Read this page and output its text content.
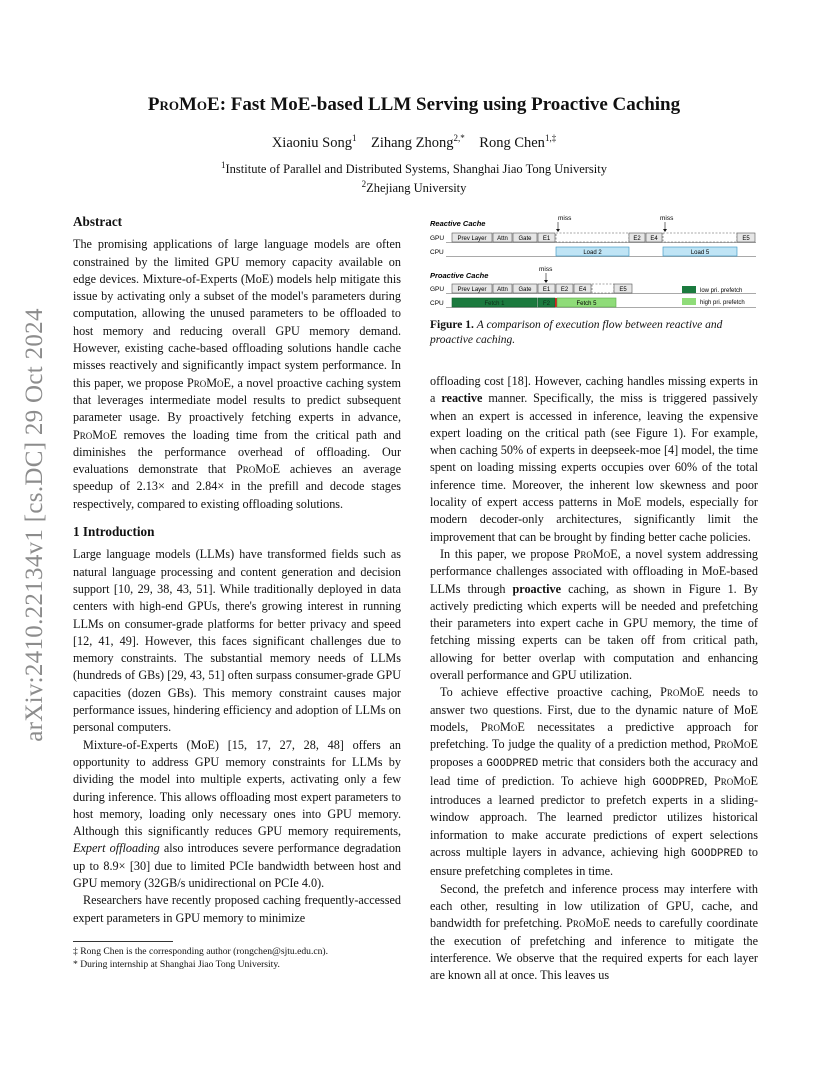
arXiv:2410.22134v1 [cs.DC] 29 Oct 2024
ProMoE: Fast MoE-based LLM Serving using Proactive Caching
Xiaoniu Song$^1$ Zihang Zhong$^{2,*}$ Rong Chen$^{1,\ddagger}$
$^1$Institute of Parallel and Distributed Systems, Shanghai Jiao Tong University
$^2$Zhejiang University
Abstract

The promising applications of large language models are often constrained by the limited GPU memory capacity available on edge devices. Mixture-of-Experts (MoE) models help mitigate this issue by activating only a subset of the model's parameters during computation, allowing the unused parameters to be offloaded to host memory and reducing overall GPU memory demand. However, existing cache-based offloading solutions handle cache misses reactively and significantly impact system performance. In this paper, we propose ProMoE, a novel proactive caching system that leverages intermediate model results to predict subsequent parameter usage. By proactively fetching experts in advance, ProMoE removes the loading time from the critical path and diminishes the performance overhead of offloading. Our evaluations demonstrate that ProMoE achieves an average speedup of 2.13× and 2.84× in the prefill and decode stages respectively, compared to existing offloading solutions.

1 Introduction

Large language models (LLMs) have transformed fields such as natural language processing and content generation and decision support [10, 29, 38, 43, 51]. While traditionally deployed in data centers with high-end GPUs, there's growing interest in running LLMs on consumer-grade platforms for better privacy and speed [12, 41, 49]. However, this faces significant challenges due to memory constraints. The substantial memory needs of LLMs (hundreds of GBs) [29, 43, 51] often surpass consumer-grade GPU capacities (dozen GBs). This memory constraint causes major performance issues, hindering efficiency and adoption of LLMs on personal computers.

Mixture-of-Experts (MoE) [15, 17, 27, 28, 48] offers an opportunity to address GPU memory constraints for LLMs by dividing the model into multiple experts, activating only a few during inference. This allows offloading most expert parameters to host memory, loading only necessary ones into GPU memory. Although this significantly reduces GPU memory requirements, Expert offloading also introduces severe performance degradation up to 8.9× [30] due to limited PCIe bandwidth between host and GPU memory (32GB/s unidirectional on PCIe 4.0).

Researchers have recently proposed caching frequently-accessed expert parameters in GPU memory to minimize

‡ Rong Chen is the corresponding author (rongchen@sjtu.edu.cn).
* During internship at Shanghai Jiao Tong University.
Reactive Cache
GPU
CPU
Prev Layer Attn Gate E1	E2 E4	E5
Load 2	Load 5
miss	miss
Proactive Cache
GPU
CPU
Prev Layer Attn Gate E1 E2 E4	E5
Fetch 1	F2	Fetch 5
miss
low pri. prefetch
high pri. prefetch
Figure 1. A comparison of execution flow between reactive and proactive caching.

offloading cost [18]. However, caching handles missing experts in a reactive manner. Specifically, the miss is triggered passively when an expert is accessed in inference, leaving the expensive expert loading on the critical path (see Figure 1). For example, when caching 50% of experts in deepseek-moe [4] model, the time spent on loading missing experts occupies over 60% of the total inference time. Moreover, the inherent low skewness and poor locality of expert access patterns in MoE models, especially for modern decoder-only architectures, significantly limit the improvement that can be brought by finding better cache policies.

In this paper, we propose ProMoE, a novel system addressing performance challenges associated with offloading in MoE-based LLMs through proactive caching, as shown in Figure 1. By actively predicting which experts will be needed and prefetching their parameters into expert cache in GPU memory, the time of fetching missing experts can be taken off from critical path, allowing for better overlap with computation and enhancing overall performance and GPU utilization.

To achieve effective proactive caching, ProMoE needs to answer two questions. First, due to the dynamic nature of MoE models, ProMoE necessitates a predictive approach for prefetching. To judge the quality of a prediction method, ProMoE proposes a GOODPRED metric that considers both the accuracy and lead time of prediction. To achieve high GOODPRED, ProMoE introduces a learned predictor to prefetch experts in a sliding-window approach. The learned predictor utilizes historical information to make accurate predictions of expert selections across multiple layers in advance, achieving high GOODPRED to ensure prefetching completes in time.

Second, the prefetch and inference process may interfere with each other, resulting in low utilization of GPU, cache, and bandwidth for prefetching. ProMoE needs to carefully coordinate the execution of prefetching and inference to mitigate the interference. We observe that the required experts for each layer are known all at once. This leaves us
